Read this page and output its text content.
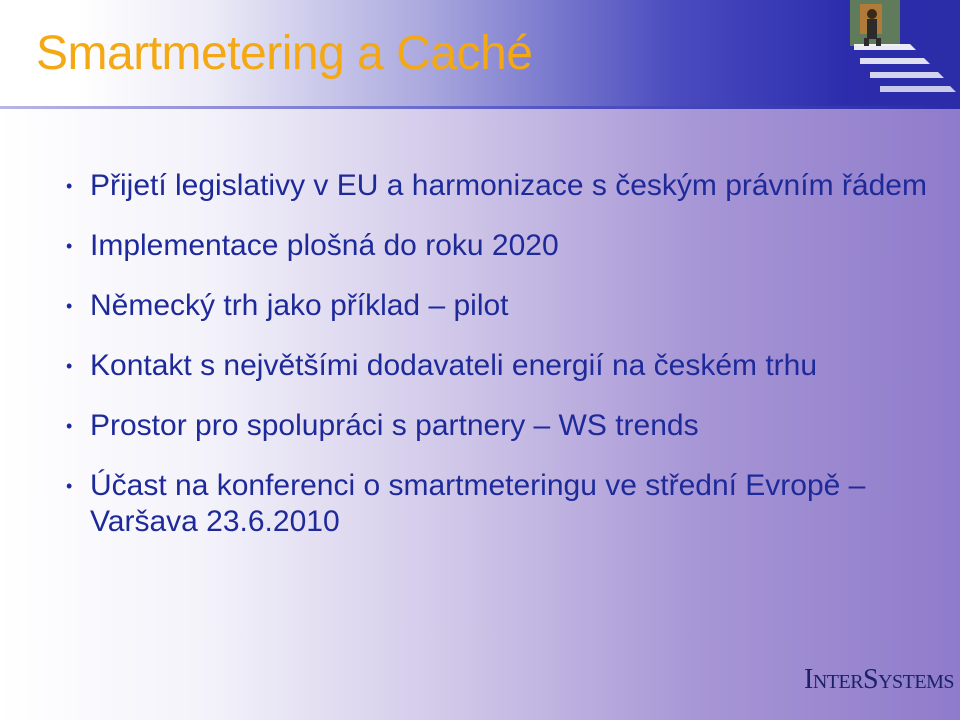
Smartmetering a Caché
• Přijetí legislativy v EU a harmonizace s českým právním řádem
• Implementace plošná do roku 2020
• Německý trh jako příklad – pilot
• Kontakt s největšími dodavateli energií na českém trhu
• Prostor pro spolupráci s partnery – WS trends
• Účast na konferenci o smartmeteringu ve střední Evropě – Varšava 23.6.2010
InterSystems
